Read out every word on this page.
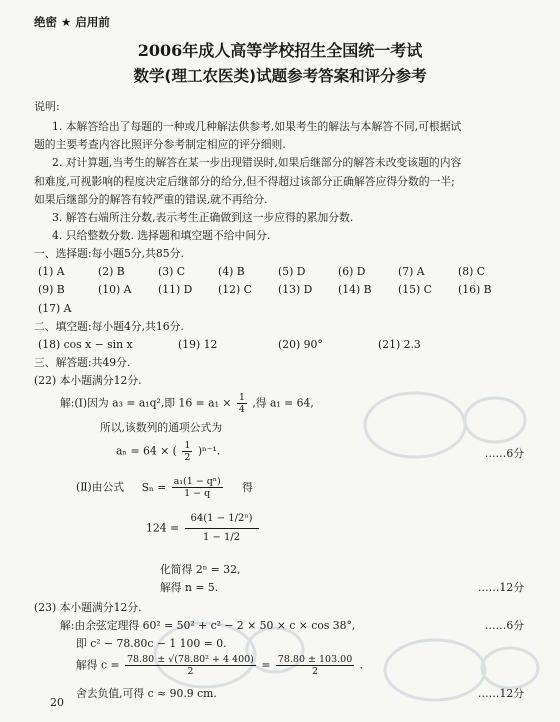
绝密 ★ 启用前
2006年成人高等学校招生全国统一考试
数学(理工农医类)试题参考答案和评分参考
说明:
1. 本解答给出了每题的一种或几种解法供参考,如果考生的解法与本解答不同,可根据试
题的主要考查内容比照评分参考制定相应的评分细则.
2. 对计算题,当考生的解答在某一步出现错误时,如果后继部分的解答未改变该题的内容
和难度,可视影响的程度决定后继部分的给分,但不得超过该部分正确解答应得分数的一半;
如果后继部分的解答有较严重的错误,就不再给分.
3. 解答右端所注分数,表示考生正确做到这一步应得的累加分数.
4. 只给整数分数. 选择题和填空题不给中间分.
一、选择题:每小题5分,共85分.
(1) A	(2) B	(3) C	(4) B	(5) D	(6) D	(7) A	(8) C
(9) B	(10) A	(11) D	(12) C	(13) D	(14) B	(15) C	(16) B
(17) A
二、填空题:每小题4分,共16分.
(18) cos x − sin x	(19) 12	(20) 90°	(21) 2.3
三、解答题:共49分.
(22) 本小题满分12分.
解:(Ⅰ)因为 a₃ = a₁q²,即 $16 = a_1 \times \frac{1}{4}$ ,得 a₁ = 64,
所以,该数列的通项公式为
aₙ = 64 × ( $\frac{1}{2} )^{n-1}$.	……6分
(Ⅱ)由公式 $S_n = \frac{\text{a₁(1 − qⁿ)}}{1 - q}$ 得
$124 = \frac{\text{64(1 − 1/2ⁿ)}}{1 - 1/2}$
化简得 2ⁿ = 32,
解得 n = 5.	……12分
(23) 本小题满分12分.
解:由余弦定理得 60² = 50² + c² − 2 × 50 × c × cos 38°,	……6分
即 c² − 78.80c − 1 100 = 0.
解得 $c = \frac{\text{78.80 ± √(78.80² + 4 400)}}{2} = \frac{78.80 \pm 103.00}{2}$ .
舍去负值,可得 c ≈ 90.9 cm.	……12分
20
